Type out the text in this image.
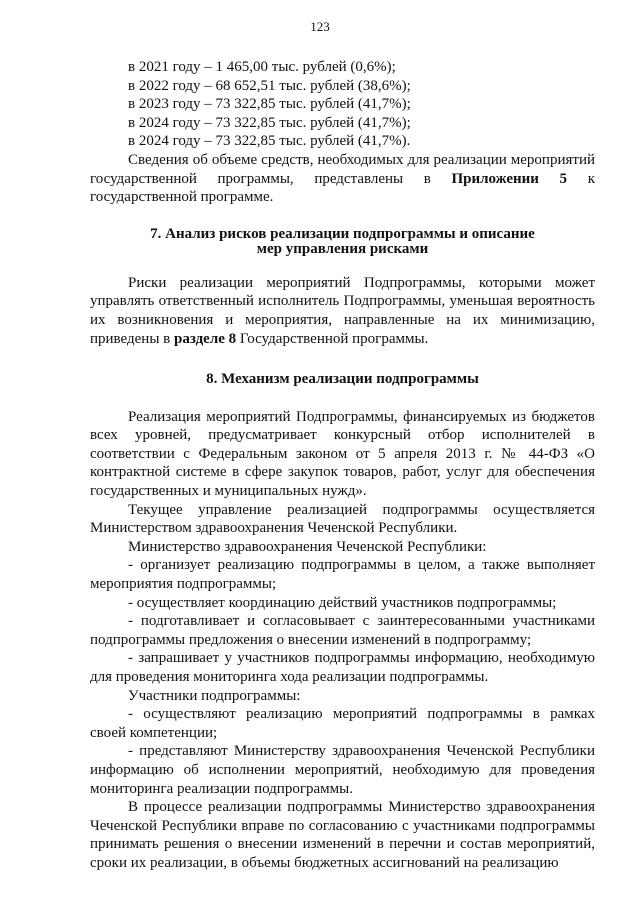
123

в 2021 году – 1 465,00 тыс. рублей (0,6%);

в 2022 году – 68 652,51 тыс. рублей (38,6%);

в 2023 году – 73 322,85 тыс. рублей (41,7%);

в 2024 году – 73 322,85 тыс. рублей (41,7%);

в 2024 году – 73 322,85 тыс. рублей (41,7%).

Сведения об объеме средств, необходимых для реализации мероприятий государственной программы, представлены в Приложении 5 к государственной программе.

7. Анализ рисков реализации подпрограммы и описание

мер управления рисками

Риски реализации мероприятий Подпрограммы, которыми может управлять ответственный исполнитель Подпрограммы, уменьшая вероятность их возникновения и мероприятия, направленные на их минимизацию, приведены в разделе 8 Государственной программы.

8. Механизм реализации подпрограммы

Реализация мероприятий Подпрограммы, финансируемых из бюджетов всех уровней, предусматривает конкурсный отбор исполнителей в соответствии с Федеральным законом от 5 апреля 2013 г. № 44-ФЗ «О контрактной системе в сфере закупок товаров, работ, услуг для обеспечения государственных и муниципальных нужд».

Текущее управление реализацией подпрограммы осуществляется Министерством здравоохранения Чеченской Республики.

Министерство здравоохранения Чеченской Республики:

- организует реализацию подпрограммы в целом, а также выполняет мероприятия подпрограммы;

- осуществляет координацию действий участников подпрограммы;

- подготавливает и согласовывает с заинтересованными участниками подпрограммы предложения о внесении изменений в подпрограмму;

- запрашивает у участников подпрограммы информацию, необходимую для проведения мониторинга хода реализации подпрограммы.

Участники подпрограммы:

- осуществляют реализацию мероприятий подпрограммы в рамках своей компетенции;

- представляют Министерству здравоохранения Чеченской Республики информацию об исполнении мероприятий, необходимую для проведения мониторинга реализации подпрограммы.

В процессе реализации подпрограммы Министерство здравоохранения Чеченской Республики вправе по согласованию с участниками подпрограммы принимать решения о внесении изменений в перечни и состав мероприятий, сроки их реализации, в объемы бюджетных ассигнований на реализацию
